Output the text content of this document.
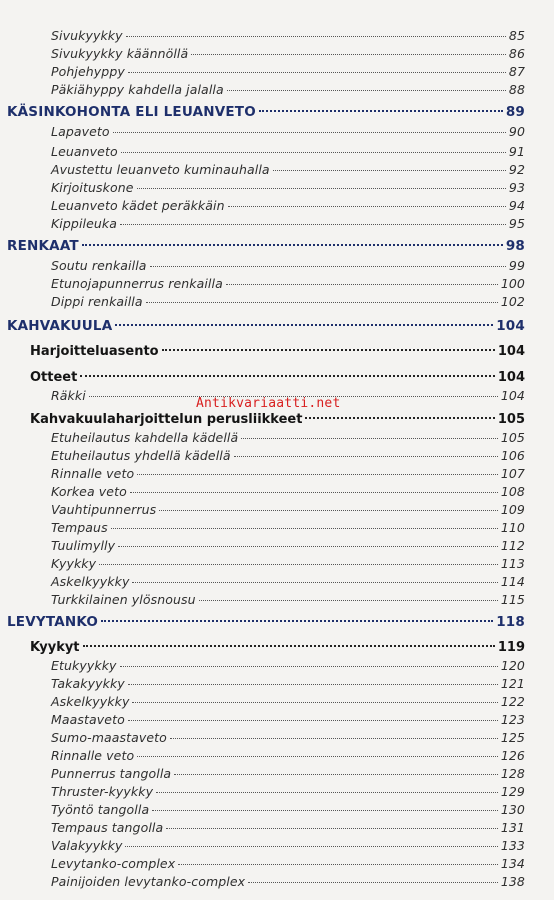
Sivukyykky	85
Sivukyykky käännöllä	86
Pohjehyppy	87
Päkiähyppy kahdella jalalla	88
KÄSINKOHONTA ELI LEUANVETO	89
Lapaveto	90
Leuanveto	91
Avustettu leuanveto kuminauhalla	92
Kirjoituskone	93
Leuanveto kädet peräkkäin	94
Kippileuka	95
RENKAAT	98
Soutu renkailla	99
Etunojapunnerrus renkailla	100
Dippi renkailla	102
KAHVAKUULA	104
Harjoitteluasento	104
Otteet	104
Räkki	104
Kahvakuulaharjoittelun perusliikkeet	105
Etuheilautus kahdella kädellä	105
Etuheilautus yhdellä kädellä	106
Rinnalle veto	107
Korkea veto	108
Vauhtipunnerrus	109
Tempaus	110
Tuulimylly	112
Kyykky	113
Askelkyykky	114
Turkkilainen ylösnousu	115
LEVYTANKO	118
Kyykyt	119
Etukyykky	120
Takakyykky	121
Askelkyykky	122
Maastaveto	123
Sumo-maastaveto	125
Rinnalle veto	126
Punnerrus tangolla	128
Thruster-kyykky	129
Työntö tangolla	130
Tempaus tangolla	131
Valakyykky	133
Levytanko-complex	134
Painijoiden levytanko-complex	138
Antikvariaatti.net
